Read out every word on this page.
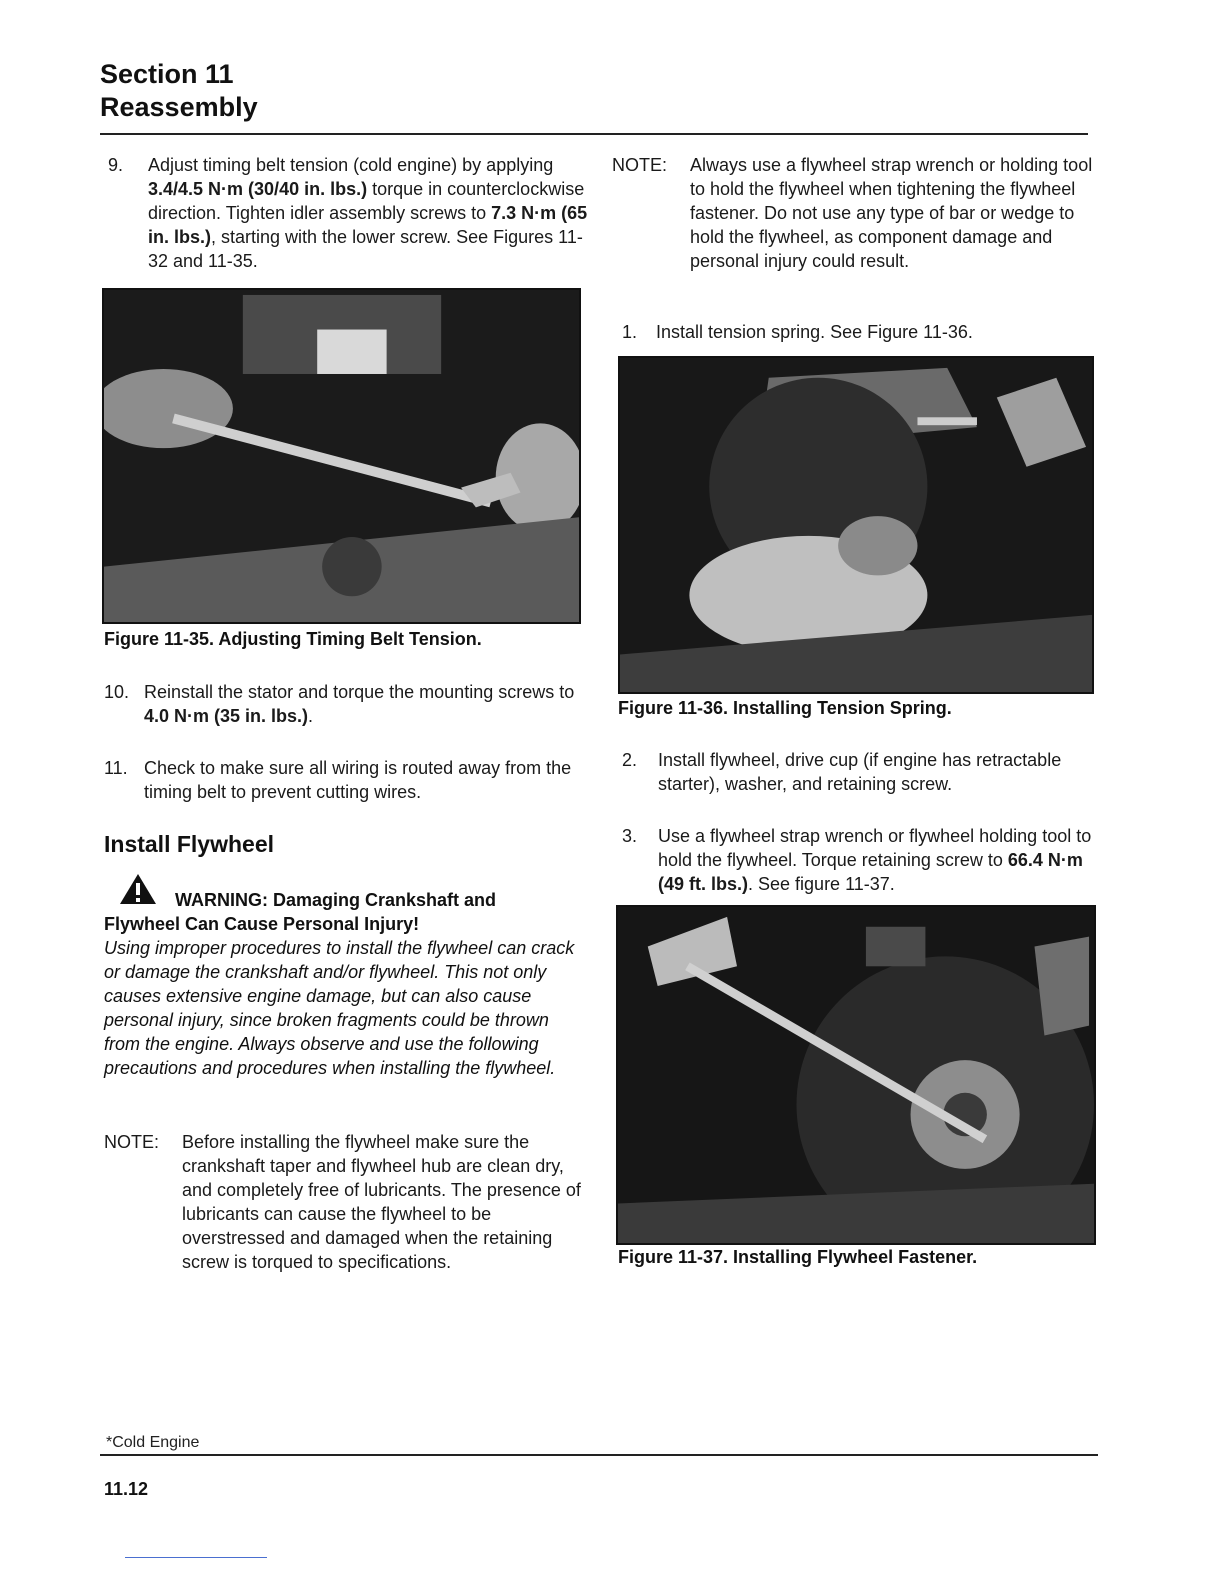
Section 11
Reassembly
9.	Adjust timing belt tension (cold engine) by applying 3.4/4.5 N·m (30/40 in. lbs.) torque in counterclockwise direction. Tighten idler assembly screws to 7.3 N·m (65 in. lbs.), starting with the lower screw. See Figures 11-32 and 11-35.
Figure 11-35. Adjusting Timing Belt Tension.
10. Reinstall the stator and torque the mounting screws to 4.0 N·m (35 in. lbs.).
11. Check to make sure all wiring is routed away from the timing belt to prevent cutting wires.
Install Flywheel
WARNING: Damaging Crankshaft and
Flywheel Can Cause Personal Injury!
Using improper procedures to install the flywheel can crack or damage the crankshaft and/or flywheel. This not only causes extensive engine damage, but can also cause personal injury, since broken fragments could be thrown from the engine. Always observe and use the following precautions and procedures when installing the flywheel.
NOTE:	Before installing the flywheel make sure the crankshaft taper and flywheel hub are clean dry, and completely free of lubricants. The presence of lubricants can cause the flywheel to be overstressed and damaged when the retaining screw is torqued to specifications.
NOTE:	Always use a flywheel strap wrench or holding tool to hold the flywheel when tightening the flywheel fastener. Do not use any type of bar or wedge to hold the flywheel, as component damage and personal injury could result.
1.	Install tension spring. See Figure 11-36.
Figure 11-36. Installing Tension Spring.
2.	Install flywheel, drive cup (if engine has retractable starter), washer, and retaining screw.
3.	Use a flywheel strap wrench or flywheel holding tool to hold the flywheel. Torque retaining screw to 66.4 N·m (49 ft. lbs.). See figure 11-37.
Figure 11-37. Installing Flywheel Fastener.
*Cold Engine
11.12
